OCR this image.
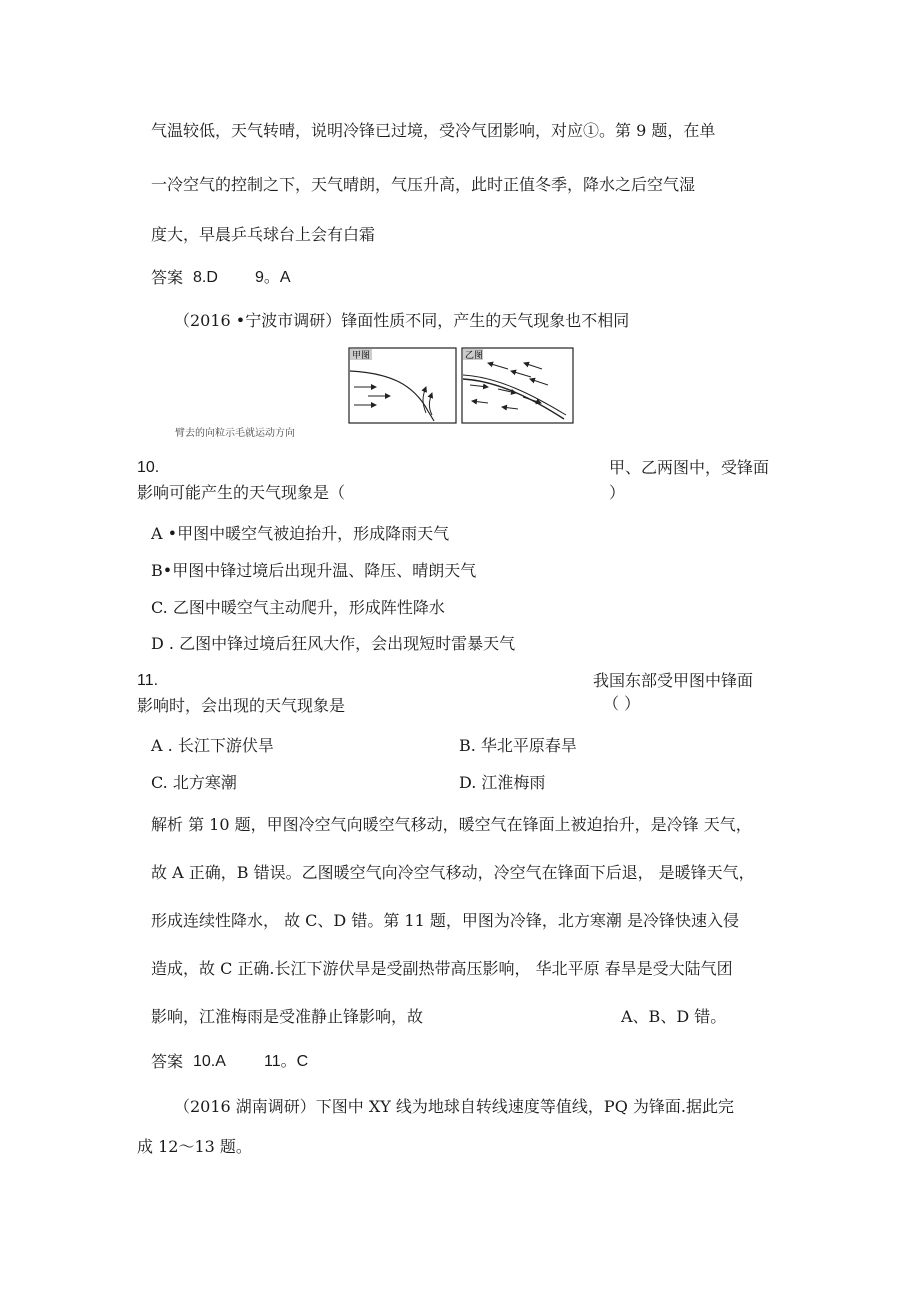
气温较低，天气转晴，说明冷锋已过境，受冷气团影响，对应①。第 9 题，在单
一冷空气的控制之下，天气晴朗，气压升高，此时正值冬季，降水之后空气湿
度大，早晨乒乓球台上会有白霜
答案 8.D 9。A
（2016 •宁波市调研）锋面性质不同，产生的天气现象也不相同
甲图	乙图
臂去的向粒示毛就运动方向
10.	甲、乙两图中，受锋面
影响可能产生的天气现象是（	）
A •甲图中暖空气被迫抬升，形成降雨天气
B•甲图中锋过境后出现升温、降压、晴朗天气
C. 乙图中暖空气主动爬升，形成阵性降水
D . 乙图中锋过境后狂风大作，会出现短时雷暴天气
11.	我国东部受甲图中锋面
影响时，会出现的天气现象是	（ ）
A . 长江下游伏旱	B. 华北平原春旱
C. 北方寒潮	D. 江淮梅雨
解析 第 10 题，甲图冷空气向暖空气移动，暖空气在锋面上被迫抬升，是冷锋 天气，
故 A 正确，B 错误。乙图暖空气向冷空气移动，冷空气在锋面下后退， 是暖锋天气，
形成连续性降水， 故 C、D 错。第 11 题，甲图为冷锋，北方寒潮 是冷锋快速入侵
造成，故 C 正确.长江下游伏旱是受副热带高压影响， 华北平原 春旱是受大陆气团
影响，江淮梅雨是受准静止锋影响，故	A、B、D 错。
答案 10.A 11。C
（2016 湖南调研）下图中 XY 线为地球自转线速度等值线，PQ 为锋面.据此完
成 12～13 题。
